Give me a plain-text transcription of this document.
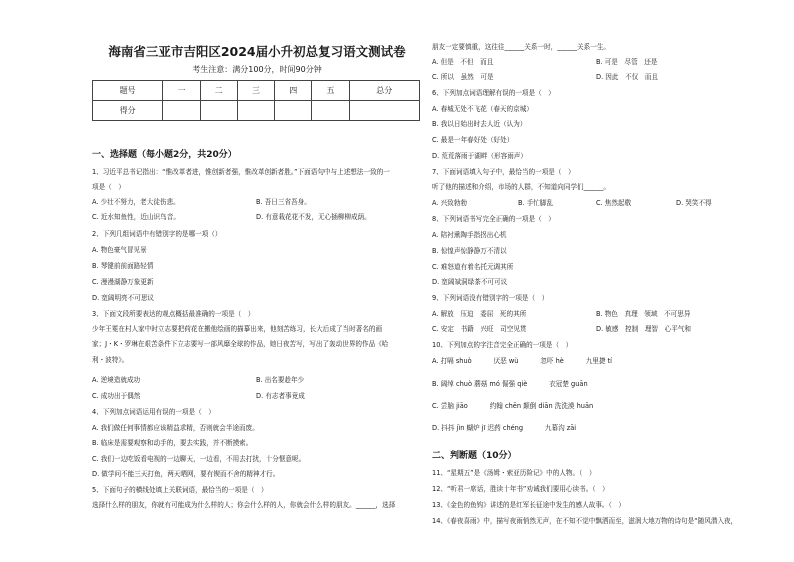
海南省三亚市吉阳区2024届小升初总复习语文测试卷
考生注意：满分100分，时间90分钟
题号	一	二	三	四	五	总分
得分						
一、选择题（每小题2分，共20分）
1、习近平总书记指出：“惟改革者进，惟创新者强，惟改革创新者胜。”下面语句中与上述想法一致的一
项是（　）
A. 少壮不努力，老大徒伤悲。	B. 吾日三省吾身。
C. 近水知鱼性，近山识鸟音。	D. 有意栽花花不发，无心插柳柳成荫。
2、下列几组词语中有错别字的是哪一项（）
A. 物色豪气冒见景
B. 琴键前前面路轻情
C. 漫漫湖静万象更新
D. 宽阔明亮不可思议
3、下面文段所要表达的观点概括最准确的一项是（　）
少年王冕在村人家中时立志要把荷花在搬他绘画的描摹出来，他刻苦练习，长大后成了当时著名的画
家；J・K・罗琳在艰苦条件下立志要写一部风靡全球的作品，她日夜苦写，写出了轰动世界的作品《哈
利・波特》。
A. 逆境造就成功	B. 出名要趁年少
C. 成功出于偶然	D. 有志者事竟成
4、下列加点词语运用有误的一项是（　）
A. 我们做任何事情都应该精益求精，否则就会半途而废。
B. 临床是需要观察和动手的，要去实践，并不断摸索。
C. 我们一边吃饭看电视的一边聊天，一边看，不用去打扰，十分惬意呢。
D. 做学问不能三天打鱼，两天晒网，要有锲而不舍的精神才行。
5、下面句子的横线处填上关联词语，最恰当的一项是（　）
选择什么样的朋友，你就有可能成为什么样的人；你会什么样的人，你就会什么样的朋友。______，选择
朋友一定要慎重，这往往______关系一时，______关系一生。
A. 但是　不但　而且	B. 可是　尽管　还是
C. 所以　虽然　可是	D. 因此　不仅　而且
6、下列加点词语理解有误的一项是（　）
A. 春城无处不飞花（春天的京城）
B. 我以日始出时去人近（认为）
C. 最是一年春好处（好处）
D. 荒荒落雨于湖畔（形容雨声）
7、下面词语填入句子中，最恰当的一项是（　）
听了他的描述和介绍，市场的人群，不知道向同学们______。
A. 兴致勃勃	B. 手忙脚乱	C. 焦然起敬	D. 哭笑不得
8、下列词语书写完全正确的一项是（　）
A. 陪衬熏陶手指拐出心机
B. 惊惶声惊静静万不清以
C. 难怒道有着名托元调其所
D. 宽阔斌洞绿茶不可可议
9、下列词语没有错别字的一项是（　）
A. 解放　压迫　委屈　死的其所	B. 物色　真理　领域　不可思异
C. 安定　书籍　兴旺　司空见贯	D. 敏感　控制　理智　心平气和
10、下列加点的字注音完全正确的一项是（　）
A. 打嗝 shuò　　　 厌恶 wù　　　 忽吓 hè　　　 九里捷 tí
B. 阔绰 chuò 蘑菇 mó 倔强 qiè　　　 衣冠楚 guān
C. 尝脑 jiāo　　　 约翰 chēn 颠倒 diān 洗洗漠 huān
D. 抖抖 jìn 蝴炉 jī 迟药 chéng　　　 九幕沟 zāi
二、判断题（10分）
11、“星期五”是《汤姆・索亚历险记》中的人物。（　）
12、“听君一席话，胜读十年书”劝诫我们要用心读书。（　）
13、《金色的鱼钩》讲述的是红军长征途中发生的感人故事。（　）
14、《春夜喜雨》中，描写夜雨悄然无声，在不知不觉中飘洒而至，滋润大地万物的诗句是“随风潜入夜，
